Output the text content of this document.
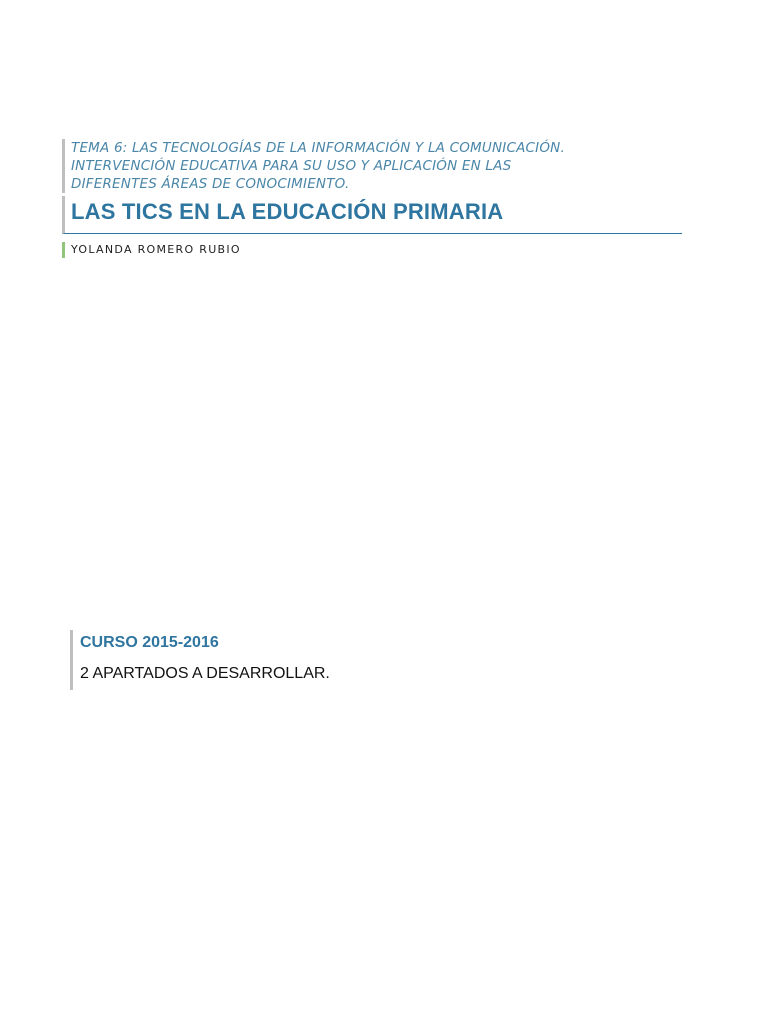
TEMA 6: LAS TECNOLOGÍAS DE LA INFORMACIÓN Y LA COMUNICACIÓN.

INTERVENCIÓN EDUCATIVA PARA SU USO Y APLICACIÓN EN LAS

DIFERENTES ÁREAS DE CONOCIMIENTO.

LAS TICS EN LA EDUCACIÓN PRIMARIA

YOLANDA ROMERO RUBIO

CURSO 2015-2016

2 APARTADOS A DESARROLLAR.
